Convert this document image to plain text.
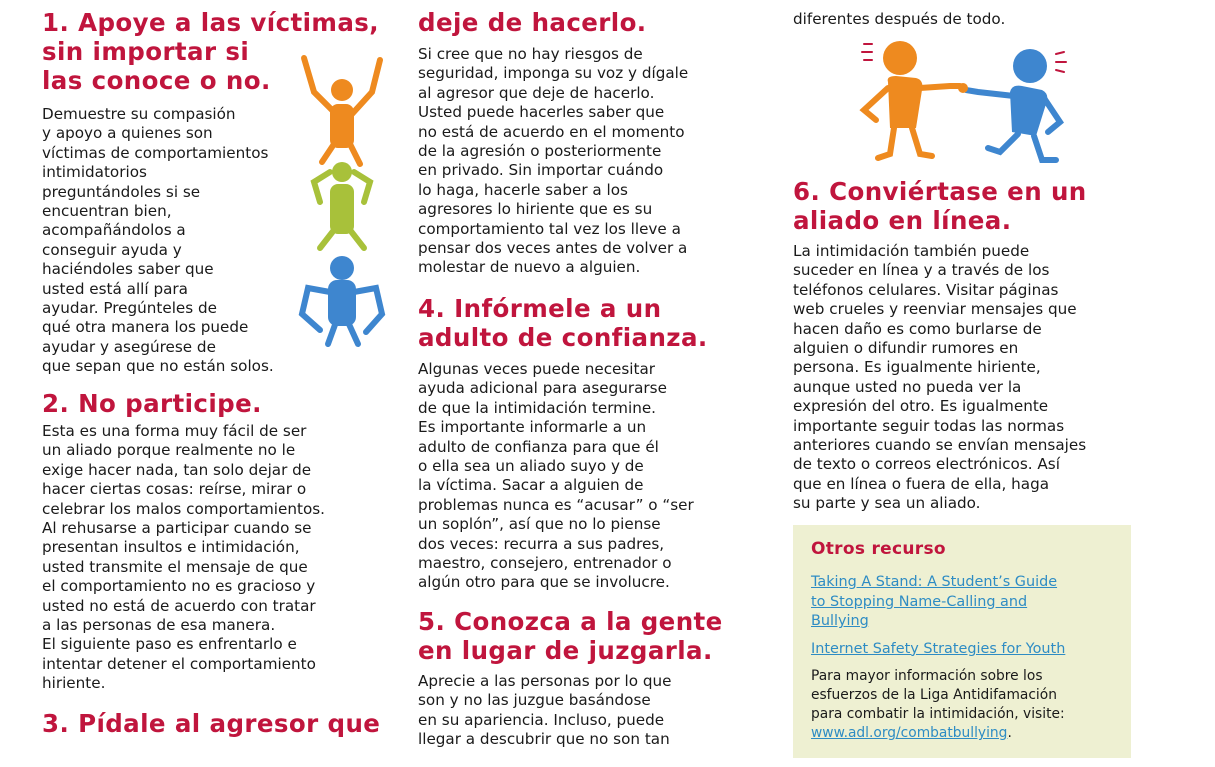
1. Apoye a las víctimas,
sin importar si
las conoce o no.

Demuestre su compasión
y apoyo a quienes son
víctimas de comportamientos
intimidatorios
preguntándoles si se
encuentran bien,
acompañándolos a
conseguir ayuda y
haciéndoles saber que
usted está allí para
ayudar. Pregúnteles de
qué otra manera los puede
ayudar y asegúrese de
que sepan que no están solos.

2. No participe.

Esta es una forma muy fácil de ser
un aliado porque realmente no le
exige hacer nada, tan solo dejar de
hacer ciertas cosas: reírse, mirar o
celebrar los malos comportamientos.
Al rehusarse a participar cuando se
presentan insultos e intimidación,
usted transmite el mensaje de que
el comportamiento no es gracioso y
usted no está de acuerdo con tratar
a las personas de esa manera.
El siguiente paso es enfrentarlo e
intentar detener el comportamiento
hiriente.

3. Pídale al agresor que
deje de hacerlo.

Si cree que no hay riesgos de
seguridad, imponga su voz y dígale
al agresor que deje de hacerlo.
Usted puede hacerles saber que
no está de acuerdo en el momento
de la agresión o posteriormente
en privado. Sin importar cuándo
lo haga, hacerle saber a los
agresores lo hiriente que es su
comportamiento tal vez los lleve a
pensar dos veces antes de volver a
molestar de nuevo a alguien.

4. Infórmele a un
adulto de confianza.

Algunas veces puede necesitar
ayuda adicional para asegurarse
de que la intimidación termine.
Es importante informarle a un
adulto de confianza para que él
o ella sea un aliado suyo y de
la víctima. Sacar a alguien de
problemas nunca es “acusar” o “ser
un soplón”, así que no lo piense
dos veces: recurra a sus padres,
maestro, consejero, entrenador o
algún otro para que se involucre.

5. Conozca a la gente
en lugar de juzgarla.

Aprecie a las personas por lo que
son y no las juzgue basándose
en su apariencia. Incluso, puede
llegar a descubrir que no son tan

diferentes después de todo.

6. Conviértase en un
aliado en línea.

La intimidación también puede
suceder en línea y a través de los
teléfonos celulares. Visitar páginas
web crueles y reenviar mensajes que
hacen daño es como burlarse de
alguien o difundir rumores en
persona. Es igualmente hiriente,
aunque usted no pueda ver la
expresión del otro. Es igualmente
importante seguir todas las normas
anteriores cuando se envían mensajes
de texto o correos electrónicos. Así
que en línea o fuera de ella, haga
su parte y sea un aliado.

Otros recurso
Taking A Stand: A Student’s Guide
to Stopping Name-Calling and
Bullying
Internet Safety Strategies for Youth
Para mayor información sobre los
esfuerzos de la Liga Antidifamación
para combatir la intimidación, visite:
www.adl.org/combatbullying.
